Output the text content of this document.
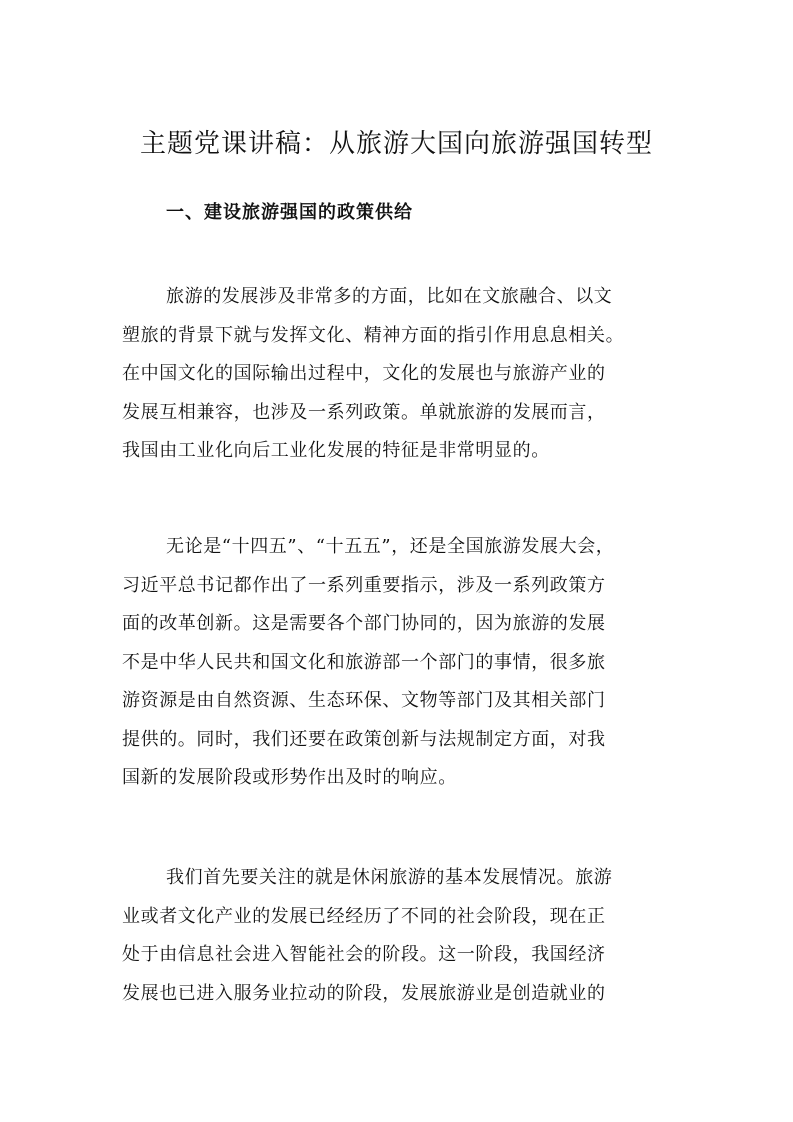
主题党课讲稿：从旅游大国向旅游强国转型
一、建设旅游强国的政策供给

旅游的发展涉及非常多的方面，比如在文旅融合、以文
塑旅的背景下就与发挥文化、精神方面的指引作用息息相关。
在中国文化的国际输出过程中，文化的发展也与旅游产业的
发展互相兼容，也涉及一系列政策。单就旅游的发展而言，
我国由工业化向后工业化发展的特征是非常明显的。

无论是“十四五”、“十五五”，还是全国旅游发展大会，
习近平总书记都作出了一系列重要指示，涉及一系列政策方
面的改革创新。这是需要各个部门协同的，因为旅游的发展
不是中华人民共和国文化和旅游部一个部门的事情，很多旅
游资源是由自然资源、生态环保、文物等部门及其相关部门
提供的。同时，我们还要在政策创新与法规制定方面，对我
国新的发展阶段或形势作出及时的响应。

我们首先要关注的就是休闲旅游的基本发展情况。旅游
业或者文化产业的发展已经经历了不同的社会阶段，现在正
处于由信息社会进入智能社会的阶段。这一阶段，我国经济
发展也已进入服务业拉动的阶段，发展旅游业是创造就业的
